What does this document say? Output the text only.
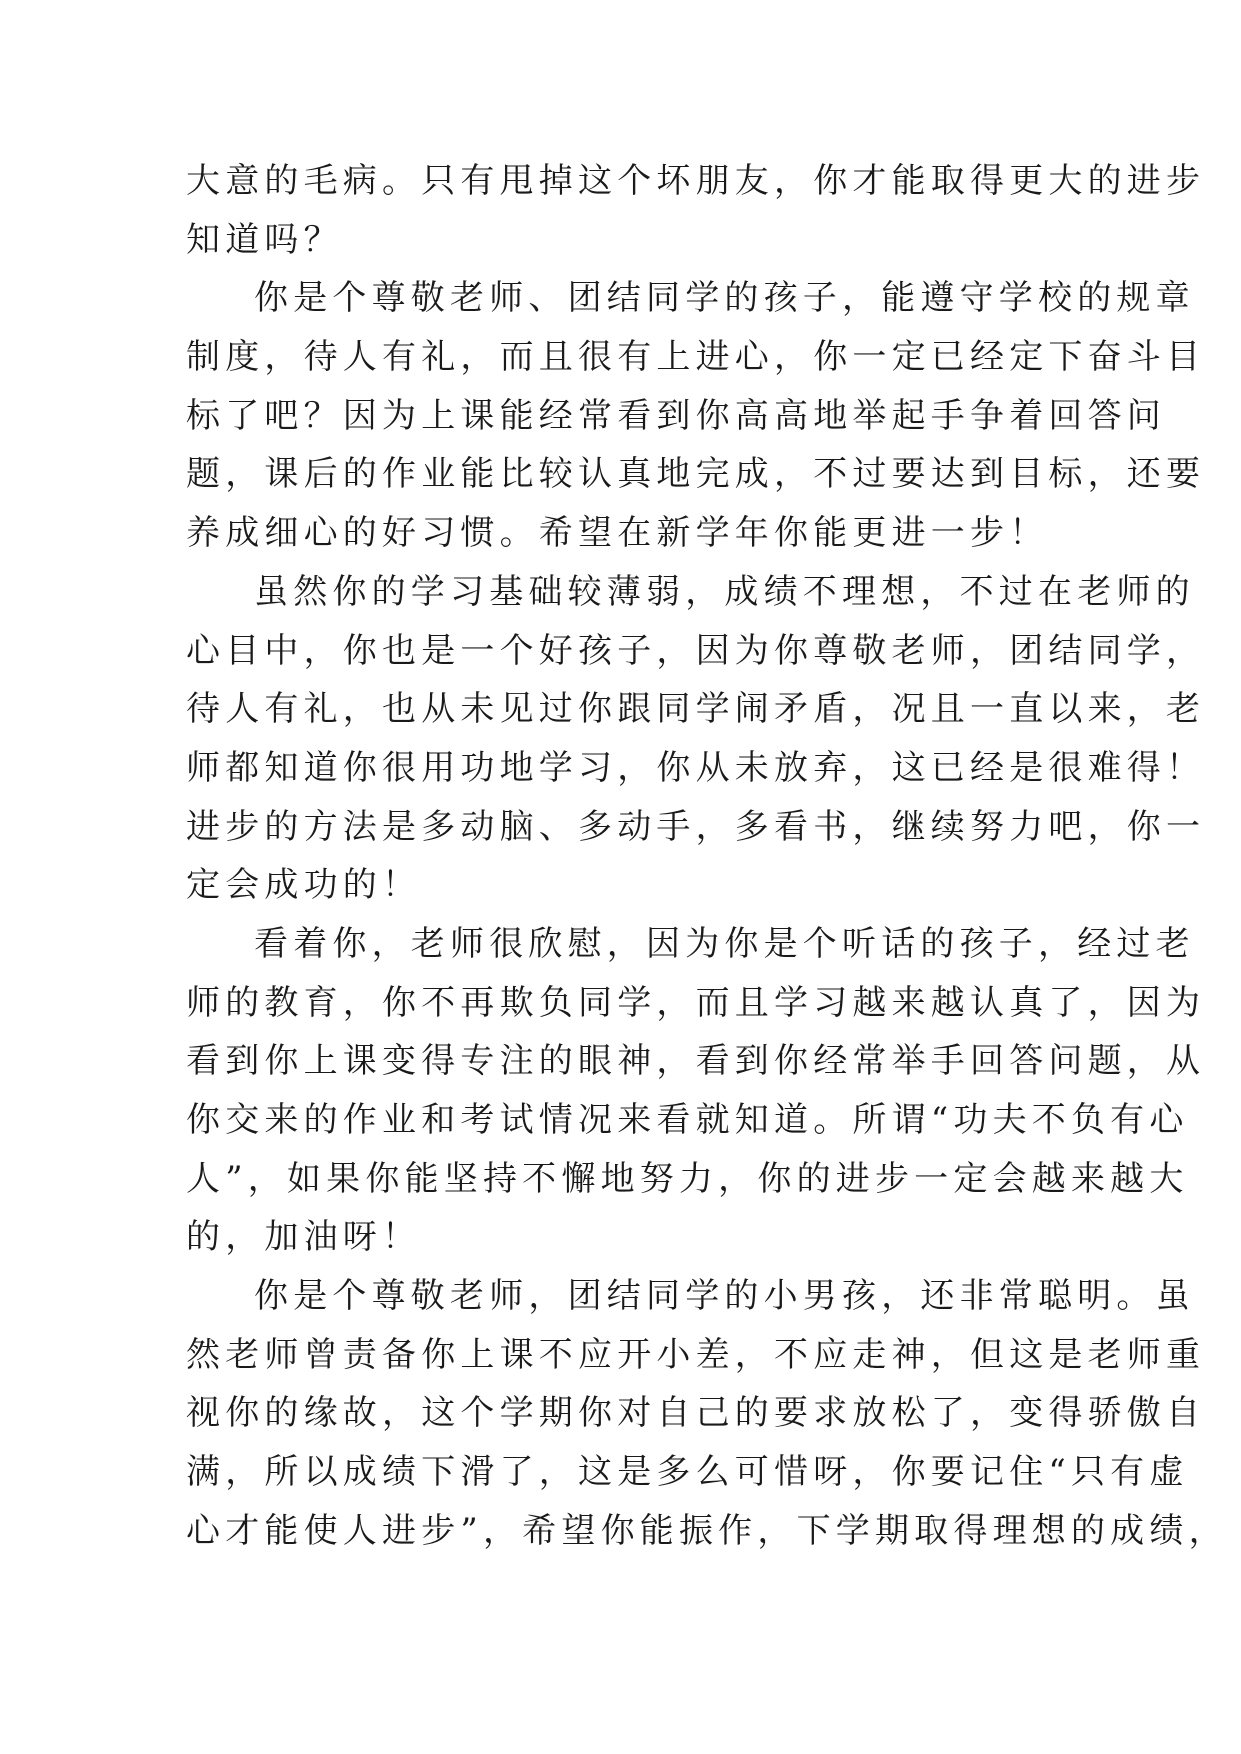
大意的毛病。只有甩掉这个坏朋友，你才能取得更大的进步
知道吗？
你是个尊敬老师、团结同学的孩子，能遵守学校的规章
制度，待人有礼，而且很有上进心，你一定已经定下奋斗目
标了吧？因为上课能经常看到你高高地举起手争着回答问
题，课后的作业能比较认真地完成，不过要达到目标，还要
养成细心的好习惯。希望在新学年你能更进一步！
虽然你的学习基础较薄弱，成绩不理想，不过在老师的
心目中，你也是一个好孩子，因为你尊敬老师，团结同学，
待人有礼，也从未见过你跟同学闹矛盾，况且一直以来，老
师都知道你很用功地学习，你从未放弃，这已经是很难得！
进步的方法是多动脑、多动手，多看书，继续努力吧，你一
定会成功的！
看着你，老师很欣慰，因为你是个听话的孩子，经过老
师的教育，你不再欺负同学，而且学习越来越认真了，因为
看到你上课变得专注的眼神，看到你经常举手回答问题，从
你交来的作业和考试情况来看就知道。所谓“功夫不负有心
人”，如果你能坚持不懈地努力，你的进步一定会越来越大
的，加油呀！
你是个尊敬老师，团结同学的小男孩，还非常聪明。虽
然老师曾责备你上课不应开小差，不应走神，但这是老师重
视你的缘故，这个学期你对自己的要求放松了，变得骄傲自
满，所以成绩下滑了，这是多么可惜呀，你要记住“只有虚
心才能使人进步”，希望你能振作，下学期取得理想的成绩，
